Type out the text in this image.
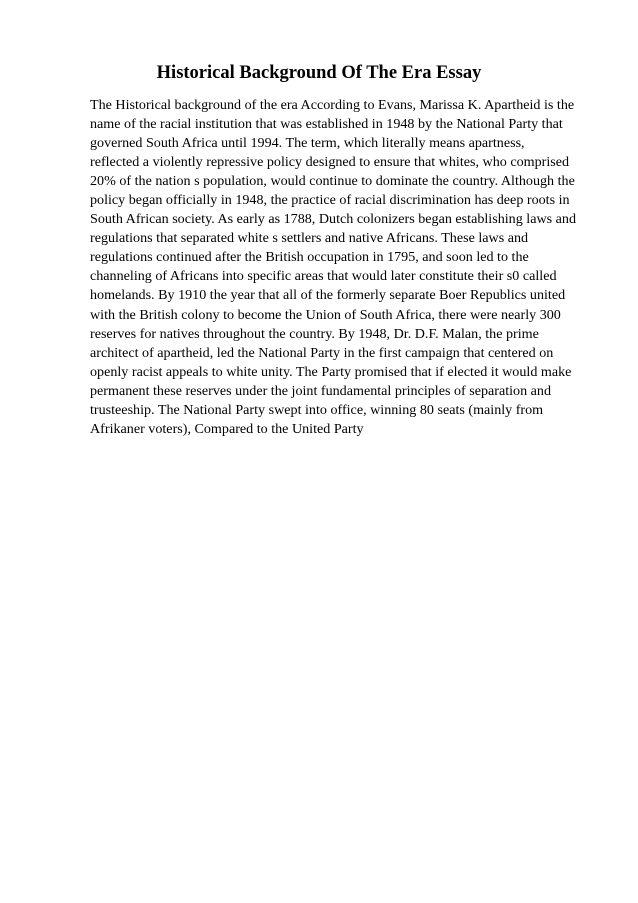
Historical Background Of The Era Essay
The Historical background of the era According to Evans, Marissa K. Apartheid is the
name of the racial institution that was established in 1948 by the National Party that
governed South Africa until 1994. The term, which literally means apartness,
reflected a violently repressive policy designed to ensure that whites, who comprised
20% of the nation s population, would continue to dominate the country. Although the
policy began officially in 1948, the practice of racial discrimination has deep roots in
South African society. As early as 1788, Dutch colonizers began establishing laws and
regulations that separated white s settlers and native Africans. These laws and
regulations continued after the British occupation in 1795, and soon led to the
channeling of Africans into specific areas that would later constitute their s0 called
homelands. By 1910 the year that all of the formerly separate Boer Republics united
with the British colony to become the Union of South Africa, there were nearly 300
reserves for natives throughout the country. By 1948, Dr. D.F. Malan, the prime
architect of apartheid, led the National Party in the first campaign that centered on
openly racist appeals to white unity. The Party promised that if elected it would make
permanent these reserves under the joint fundamental principles of separation and
trusteeship. The National Party swept into office, winning 80 seats (mainly from
Afrikaner voters), Compared to the United Party
